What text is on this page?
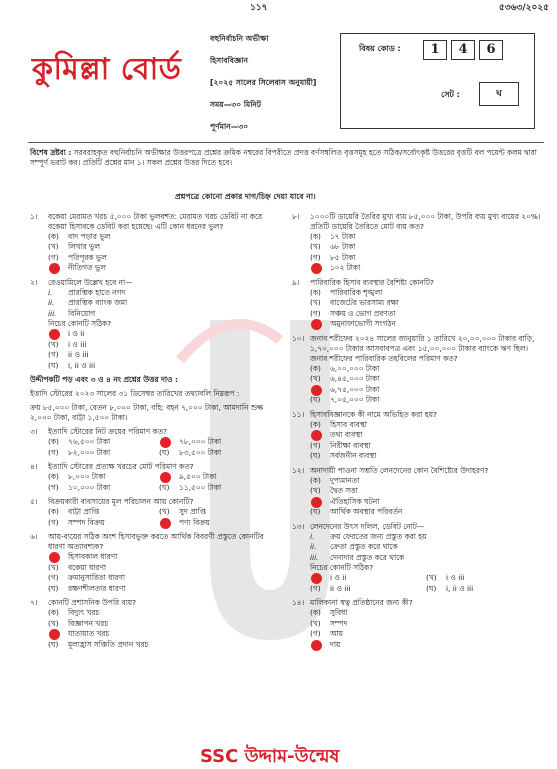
১১৭	৫৩৬৩/২০২৫
কুমিল্লা বোর্ড
বহুনির্বাচনি অভীক্ষা
হিসাববিজ্ঞান
[২০২৫ সালের সিলেবাস অনুযায়ী]
সময়—৩০ মিনিট
পূর্ণমান—৩০
বিষয় কোড :	1	4	6
সেট :	ঘ
বিশেষ দ্রষ্টব্য : সরবরাহকৃত বহুনির্বাচনি অভীক্ষার উত্তরপত্রে প্রশ্নের ক্রমিক নম্বরের বিপরীতে প্রদত্ত বর্ণসম্বলিত বৃত্তসমূহ হতে সঠিক/সর্বোৎকৃষ্ট উত্তরের বৃত্তটি বল পয়েন্ট কলম দ্বারা সম্পূর্ণ ভরাট কর। প্রতিটি প্রশ্নের মান ১। সকল প্রশ্নের উত্তর দিতে হবে।
প্রশ্নপত্রে কোনো প্রকার দাগ/চিহ্ন দেয়া যাবে না।
১।	বকেয়া মেরামত খরচ ৫,০০০ টাকা ভুলবশত: মেরামত খরচ ডেবিট না করে বকেয়া হিসাবকে ডেবিট করা হয়েছে। এটি কোন ধরনের ভুল?
(ক) বাদ পড়ার ভুল
(খ) লিখার ভুল
(গ) পরিপূরক ভুল
নীতিগত ভুল
২।	রেওয়ামিলে উল্লেখ হবে না—
i. প্রারম্ভিক হাতে নগদ
ii. প্রারম্ভিক ব্যাংক জমা
iii. বিনিয়োগ
নিচের কোনটি সঠিক?
i ও ii
(খ) i ও iii
(গ) ii ও iii
(ঘ) i, ii ও iii
উদ্দীপকটি পড় এবং ৩ ও ৪ নং প্রশ্নের উত্তর দাও :
ইত্তাদি স্টোরের ২০২৩ সালের ৩১ ডিসেম্বর তারিখের তথ্যাবলি নিম্নরূপ :
ক্রয় ৮৫,০০০ টাকা, বেতন ৮,০০০ টাকা, বহি: বহন ৭,০০০ টাকা, আমদানি শুল্ক ২,০০০ টাকা, বাট্টা ১,৫০০ টাকা।
৩।	ইত্যাদি স্টোরের নিট ক্রয়ের পরিমাণ কত?
(ক) ৭৬,৫০০ টাকা	৭৮,০০০ টাকা
(গ) ৮২,০০০ টাকা	(ঘ) ৮৩,৫০০ টাকা
৪।	ইত্যাদি স্টোরের প্রত্যক্ষ খরচের মোট পরিমাণ কত?
(ক) ৮,০০০ টাকা	৯,৫০০ টাকা
(গ) ১০,০০০ টাকা	(ঘ) ১১,৫০০ টাকা
৫।	বিক্রয়কারী ব্যবসায়ের মূল পরিচালন আয় কোনটি?
(ক) বাট্টা প্রাপ্তি	(খ) সুদ প্রাপ্তি
(গ) সম্পদ বিক্রয়	পণ্য বিক্রয়
৬।	আয়-ব্যয়ের সঠিক অংশ হিসাবভুক্ত করতে আর্থিক বিবরণী প্রস্তুতে কোনটির ধারণা অত্যাবশ্যক?
হিসাবকাল ধারণা
(খ) বকেয়া ধারণা
(গ) ক্রমানুসারিতা ধারণা
(ঘ) রক্ষণশীলতার ধারণা
৭।	কোনটি প্রশাসনিক উপরি ব্যয়?
(ক) বিদ্যুৎ খরচ
(খ) বিজ্ঞাপন খরচ
যাতায়াত খরচ
(ঘ) মূল্যহ্রাস সঞ্চিতি প্রদান খরচ
৮।	১০০০টি ডায়েরি তৈরির মুখ্য ব্যয় ৮৫,০০০ টাকা, উপরি ব্যয় মুখ্য ব্যয়ের ২০%। প্রতিটি ডায়েরি তৈরিতে মোট ব্যয় কত?
(ক) ১৭ টাকা
(খ) ৬৮ টাকা
(গ) ৮৫ টাকা
১০২ টাকা
৯।	পারিবারিক হিসাব ব্যবস্থার বৈশিষ্ট্য কোনটি?
(ক) পারিবারিক শৃঙ্খলা
(খ) বাজেটের ভারসাম্য রক্ষা
(গ) সঞ্চয় ও ভোগ প্রবণতা
অমুনাফাভোগী সংগঠন
১০। জনাব শরীফের ২০২৪ সালের জানুয়ারি ১ তারিখে ২০,০০,০০০ টাকার বাড়ি, ১,৭০,০০০ টাকার আসবাবপত্র এবং ১৫,০০,০০০ টাকার ব্যাংকে ঋণ ছিল। জনাব শরীফের পারিবারিক তহবিলের পরিমাণ কত?
(ক) ৬,০০,০০০ টাকা
(খ) ৬,৪৫,০০০ টাকা
৬,৭৫,০০০ টাকা
(ঘ) ৭,০৫,০০০ টাকা
১১। হিসাববিজ্ঞানকে কী নামে অভিহিত করা হয়?
(ক) হিসাব ব্যবস্থা
তথ্য ব্যবস্থা
(গ) নিরীক্ষা ব্যবস্থা
(ঘ) সর্বজনীন ব্যবস্থা
১২। অনাদায়ী পাওনা সম্ভতি লেনদেনের কোন বৈশিষ্ট্যের উদাহরণ?
(ক) দুপ্যমানতা
(খ) দ্বৈত সত্তা
ঐতিহাসিক ঘটনা
(ঘ) আর্থিক অবস্থার পরিবর্তন
১৩। লেনদেনের উৎস দলিল, ডেবিট নোট—
i. ক্রয় ফেরতের জন্য প্রস্তুত করা হয়
ii. ক্রেতা প্রস্তুত করে থাকে
iii. দেনাদার প্রস্তুত করে থাকে
নিচের কোনটি সঠিক?
i ও ii	(খ) i ও iii
(গ) ii ও iii	(ঘ) i, ii ও iii
১৪। মালিকানা স্বত্ব প্রতিষ্ঠানের জন্য কী?
(ক) সুবিধা
(খ) সম্পদ
(গ) আয়
দায়
SSC উদ্দাম-উন্মেষ
